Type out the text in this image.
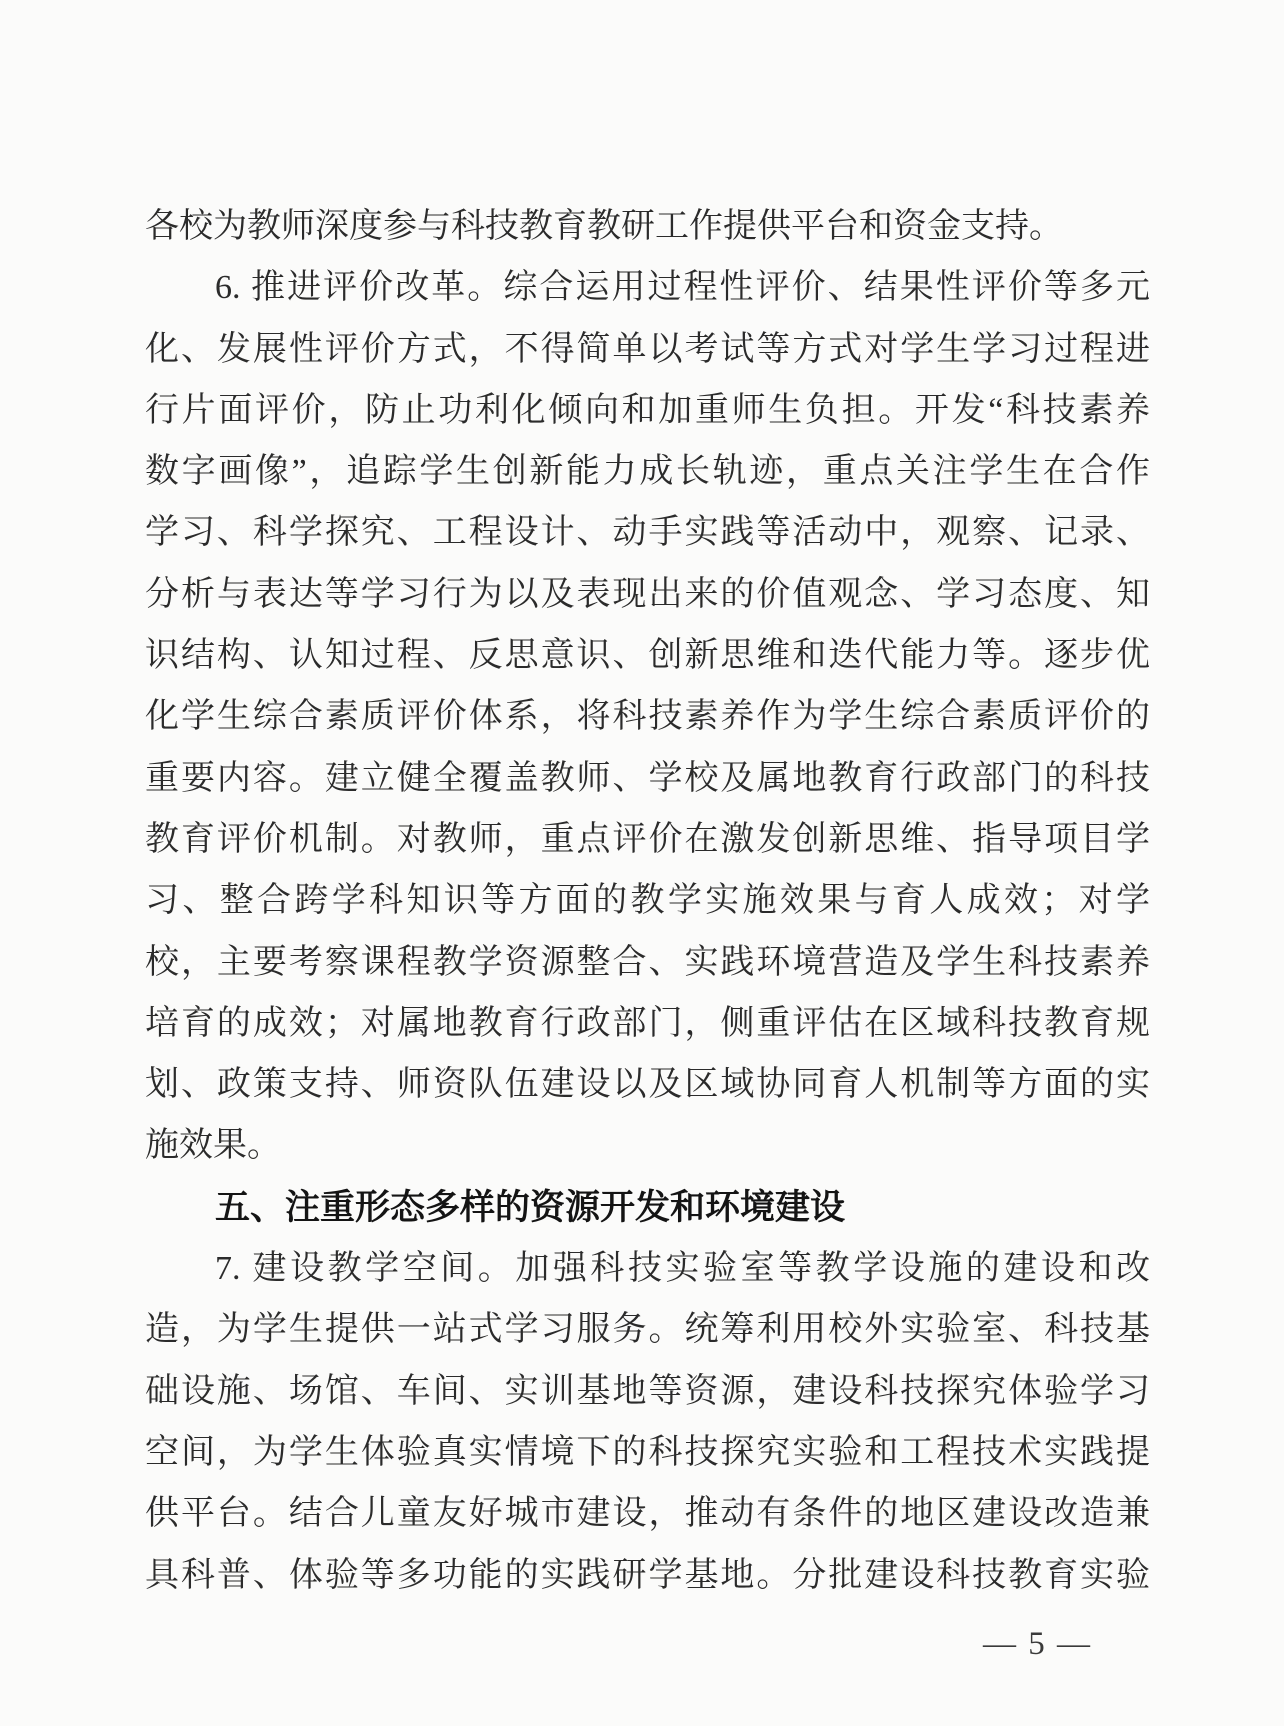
各校为教师深度参与科技教育教研工作提供平台和资金支持。
6. 推进评价改革。综合运用过程性评价、结果性评价等多元
化、发展性评价方式，不得简单以考试等方式对学生学习过程进
行片面评价，防止功利化倾向和加重师生负担。开发“科技素养
数字画像”，追踪学生创新能力成长轨迹，重点关注学生在合作
学习、科学探究、工程设计、动手实践等活动中，观察、记录、
分析与表达等学习行为以及表现出来的价值观念、学习态度、知
识结构、认知过程、反思意识、创新思维和迭代能力等。逐步优
化学生综合素质评价体系，将科技素养作为学生综合素质评价的
重要内容。建立健全覆盖教师、学校及属地教育行政部门的科技
教育评价机制。对教师，重点评价在激发创新思维、指导项目学
习、整合跨学科知识等方面的教学实施效果与育人成效；对学
校，主要考察课程教学资源整合、实践环境营造及学生科技素养
培育的成效；对属地教育行政部门，侧重评估在区域科技教育规
划、政策支持、师资队伍建设以及区域协同育人机制等方面的实
施效果。
五、注重形态多样的资源开发和环境建设
7. 建设教学空间。加强科技实验室等教学设施的建设和改
造，为学生提供一站式学习服务。统筹利用校外实验室、科技基
础设施、场馆、车间、实训基地等资源，建设科技探究体验学习
空间，为学生体验真实情境下的科技探究实验和工程技术实践提
供平台。结合儿童友好城市建设，推动有条件的地区建设改造兼
具科普、体验等多功能的实践研学基地。分批建设科技教育实验
— 5 —
